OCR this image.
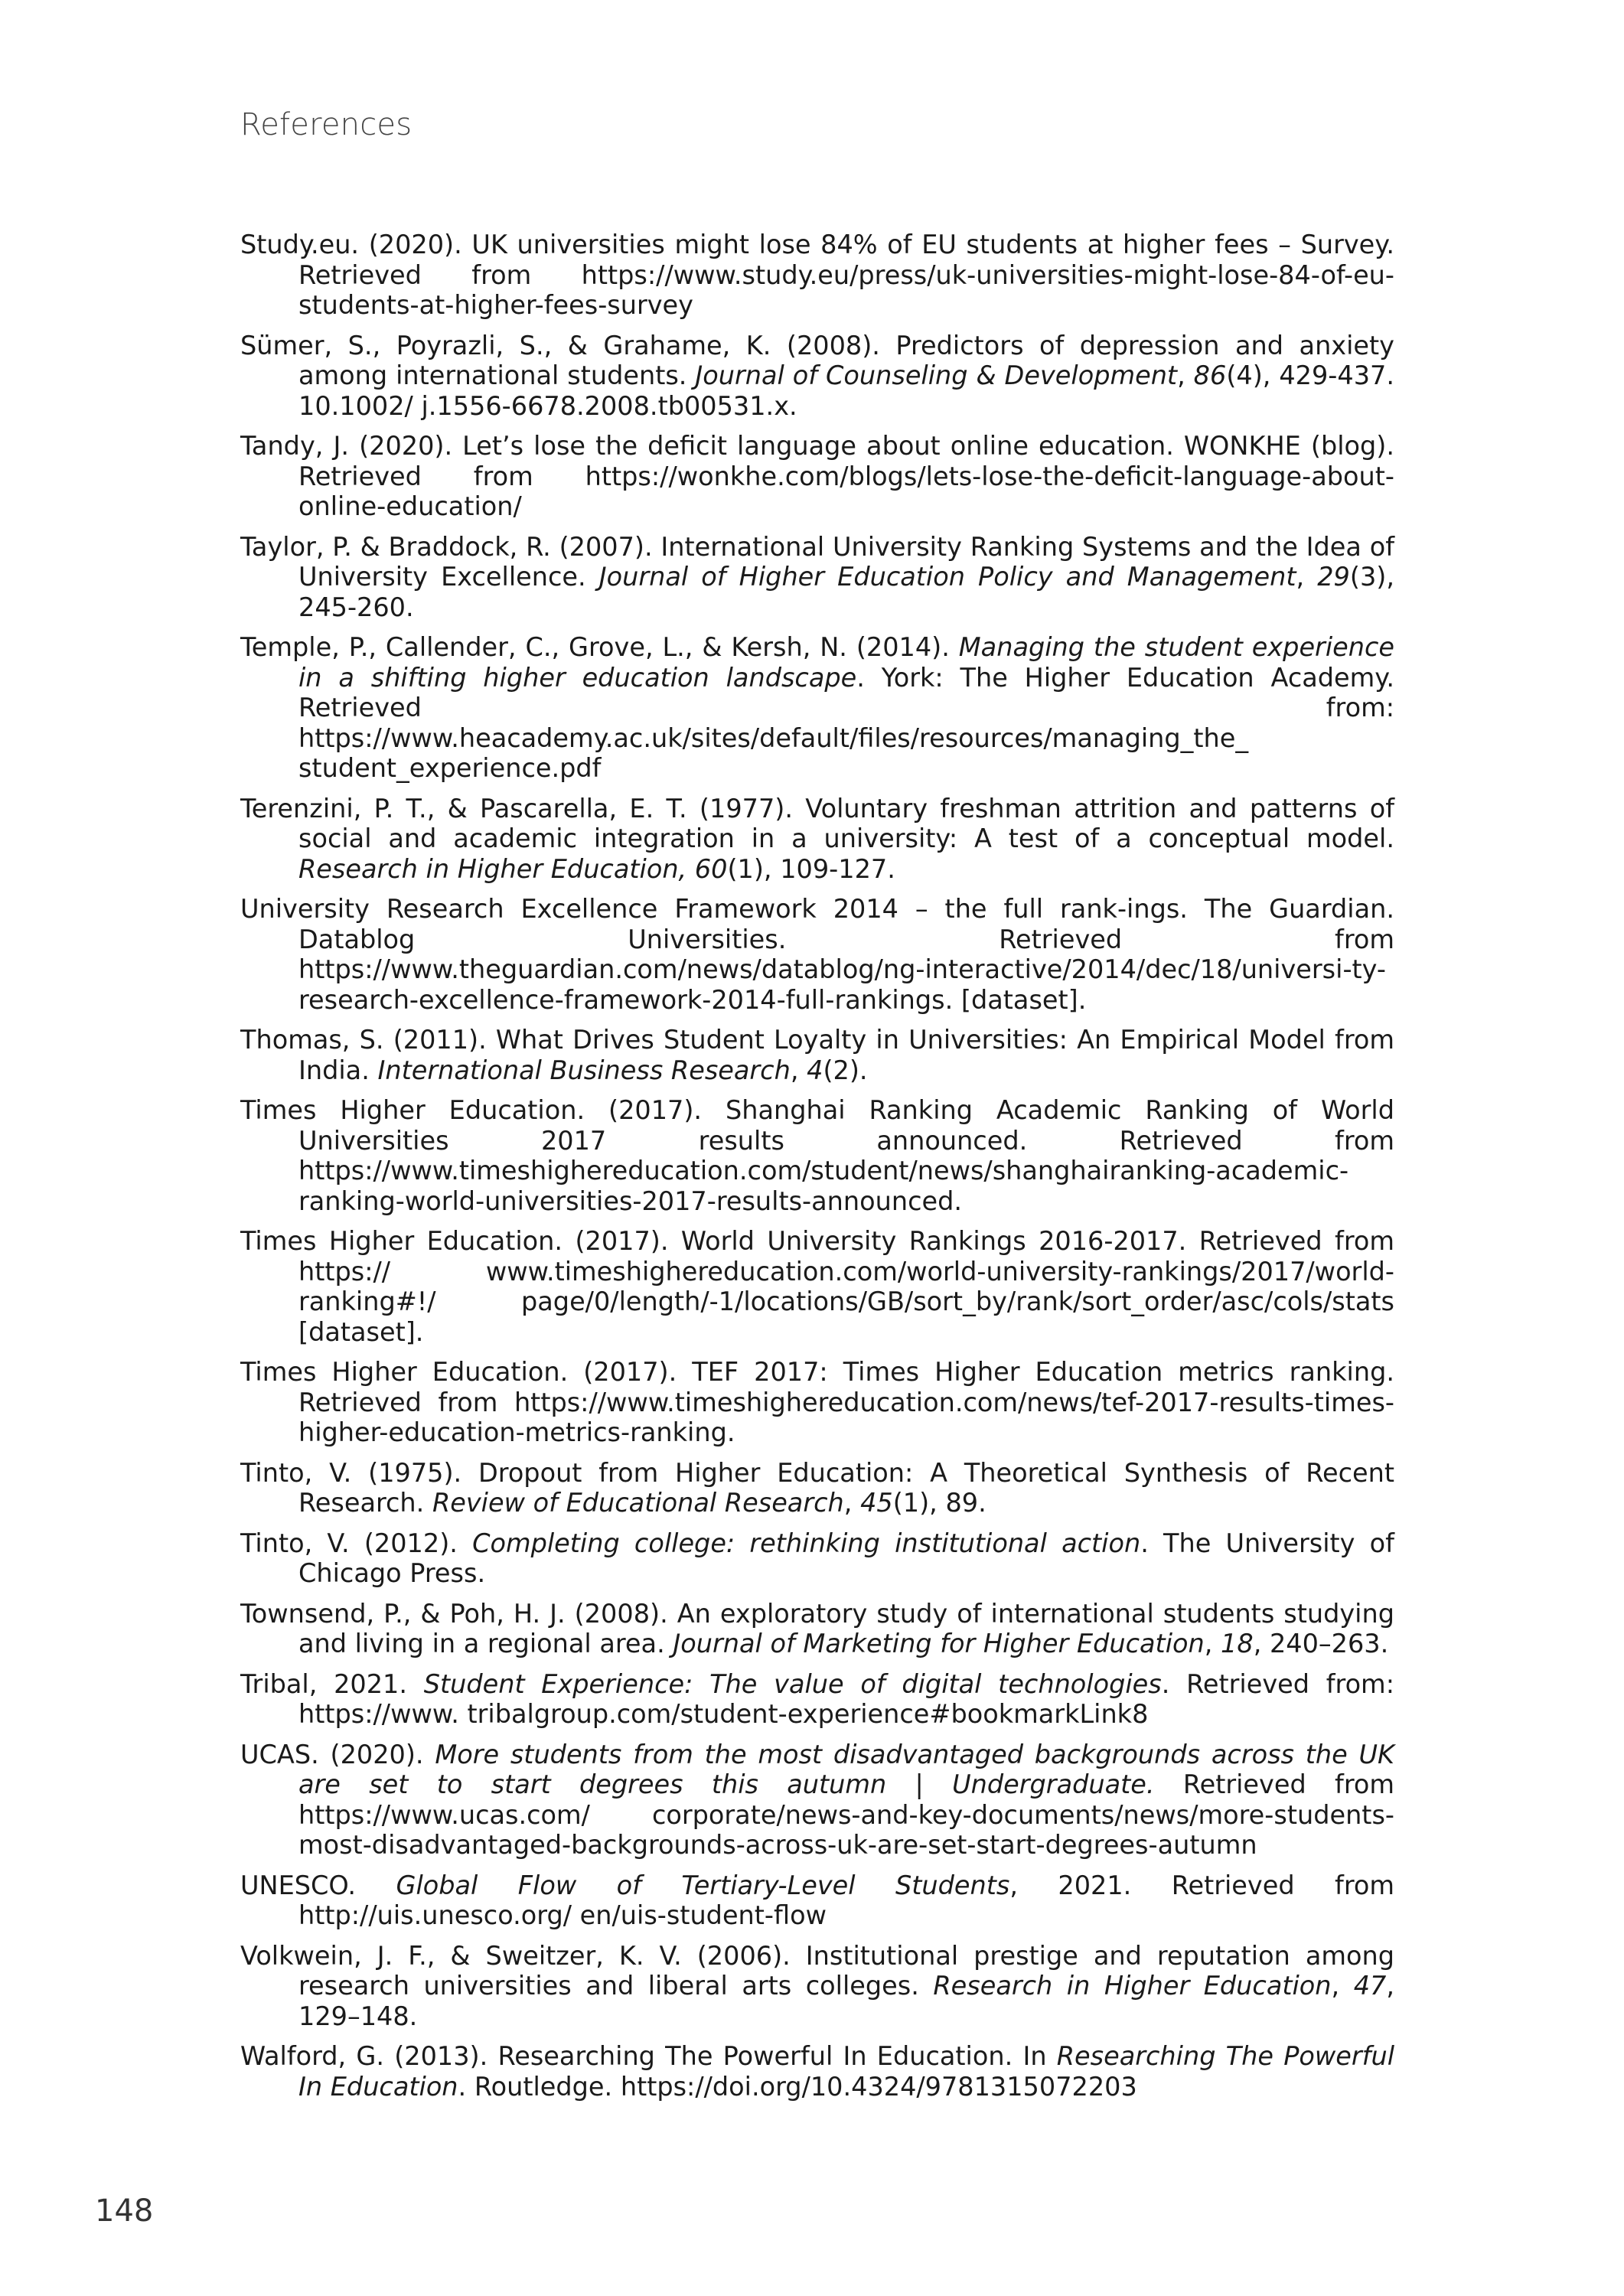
References
Study.eu. (2020). UK universities might lose 84% of EU students at higher fees – Survey. Retrieved from https://www.study.eu/press/uk-universities-might-lose-84-of-eu-students-at-higher-fees-survey
Sümer, S., Poyrazli, S., & Grahame, K. (2008). Predictors of depression and anxiety among international students. Journal of Counseling & Development, 86(4), 429-437. 10.1002/ j.1556-6678.2008.tb00531.x.
Tandy, J. (2020). Let’s lose the deficit language about online education. WONKHE (blog). Retrieved from https://wonkhe.com/blogs/lets-lose-the-deficit-language-about-online-education/
Taylor, P. & Braddock, R. (2007). International University Ranking Systems and the Idea of University Excellence. Journal of Higher Education Policy and Management, 29(3), 245-260.
Temple, P., Callender, C., Grove, L., & Kersh, N. (2014). Managing the student experience in a shifting higher education landscape. York: The Higher Education Academy. Retrieved from: https://www.heacademy.ac.uk/sites/default/files/resources/managing_the_ student_experience.pdf
Terenzini, P. T., & Pascarella, E. T. (1977). Voluntary freshman attrition and patterns of social and academic integration in a university: A test of a conceptual model. Research in Higher Education, 60(1), 109-127.
University Research Excellence Framework 2014 – the full rank-ings. The Guardian. Datablog Universities. Retrieved from https://www.theguardian.com/news/datablog/ng-interactive/2014/dec/18/universi-ty-research-excellence-framework-2014-full-rankings. [dataset].
Thomas, S. (2011). What Drives Student Loyalty in Universities: An Empirical Model from India. International Business Research, 4(2).
Times Higher Education. (2017). Shanghai Ranking Academic Ranking of World Universities 2017 results announced. Retrieved from https://www.timeshighereducation.com/student/news/shanghairanking-academic-ranking-world-universities-2017-results-announced.
Times Higher Education. (2017). World University Rankings 2016-2017. Retrieved from https:// www.timeshighereducation.com/world-university-rankings/2017/world-ranking#!/ page/0/length/-1/locations/GB/sort_by/rank/sort_order/asc/cols/stats [dataset].
Times Higher Education. (2017). TEF 2017: Times Higher Education metrics ranking. Retrieved from https://www.timeshighereducation.com/news/tef-2017-results-times-higher-education-metrics-ranking.
Tinto, V. (1975). Dropout from Higher Education: A Theoretical Synthesis of Recent Research. Review of Educational Research, 45(1), 89.
Tinto, V. (2012). Completing college: rethinking institutional action. The University of Chicago Press.
Townsend, P., & Poh, H. J. (2008). An exploratory study of international students studying and living in a regional area. Journal of Marketing for Higher Education, 18, 240–263.
Tribal, 2021. Student Experience: The value of digital technologies. Retrieved from: https://www. tribalgroup.com/student-experience#bookmarkLink8
UCAS. (2020). More students from the most disadvantaged backgrounds across the UK are set to start degrees this autumn | Undergraduate. Retrieved from https://www.ucas.com/ corporate/news-and-key-documents/news/more-students-most-disadvantaged-backgrounds-across-uk-are-set-start-degrees-autumn
UNESCO. Global Flow of Tertiary-Level Students, 2021. Retrieved from http://uis.unesco.org/ en/uis-student-flow
Volkwein, J. F., & Sweitzer, K. V. (2006). Institutional prestige and reputation among research universities and liberal arts colleges. Research in Higher Education, 47, 129–148.
Walford, G. (2013). Researching The Powerful In Education. In Researching The Powerful In Education. Routledge. https://doi.org/10.4324/9781315072203
148
